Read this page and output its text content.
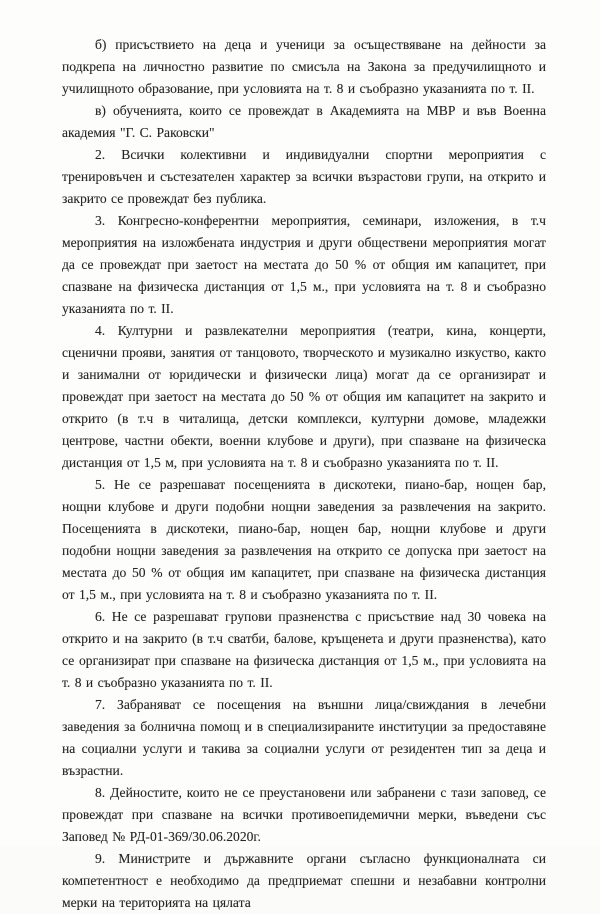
б) присъствието на деца и ученици за осъществяване на дейности за подкрепа на личностно развитие по смисъла на Закона за предучилищното и училищното образование, при условията на т. 8 и съобразно указанията по т. II.

в) обученията, които се провеждат в Академията на МВР и във Военна академия "Г. С. Раковски"

2. Всички колективни и индивидуални спортни мероприятия с тренировъчен и състезателен характер за всички възрастови групи, на открито и закрито се провеждат без публика.

3. Конгресно-конферентни мероприятия, семинари, изложения, в т.ч мероприятия на изложбената индустрия и други обществени мероприятия могат да се провеждат при заетост на местата до 50 % от общия им капацитет, при спазване на физическа дистанция от 1,5 м., при условията на т. 8 и съобразно указанията по т. II.

4. Културни и развлекателни мероприятия (театри, кина, концерти, сценични прояви, занятия от танцовото, творческото и музикално изкуство, както и занимални от юридически и физически лица) могат да се организират и провеждат при заетост на местата до 50 % от общия им капацитет на закрито и открито (в т.ч в читалища, детски комплекси, културни домове, младежки центрове, частни обекти, военни клубове и други), при спазване на физическа дистанция от 1,5 м, при условията на т. 8 и съобразно указанията по т. II.

5. Не се разрешават посещенията в дискотеки, пиано-бар, нощен бар, нощни клубове и други подобни нощни заведения за развлечения на закрито. Посещенията в дискотеки, пиано-бар, нощен бар, нощни клубове и други подобни нощни заведения за развлечения на открито се допуска при заетост на местата до 50 % от общия им капацитет, при спазване на физическа дистанция от 1,5 м., при условията на т. 8 и съобразно указанията по т. II.

6. Не се разрешават групови празненства с присъствие над 30 човека на открито и на закрито (в т.ч сватби, балове, кръщенета и други празненства), като се организират при спазване на физическа дистанция от 1,5 м., при условията на т. 8 и съобразно указанията по т. II.

7. Забраняват се посещения на външни лица/свиждания в лечебни заведения за болнична помощ и в специализираните институции за предоставяне на социални услуги и такива за социални услуги от резидентен тип за деца и възрастни.

8. Дейностите, които не се преустановени или забранени с тази заповед, се провеждат при спазване на всички противоепидемични мерки, въведени със Заповед № РД-01-369/30.06.2020г.

9. Министрите и държавните органи съгласно функционалната си компетентност е необходимо да предприемат спешни и незабавни контролни мерки на територията на цялата
